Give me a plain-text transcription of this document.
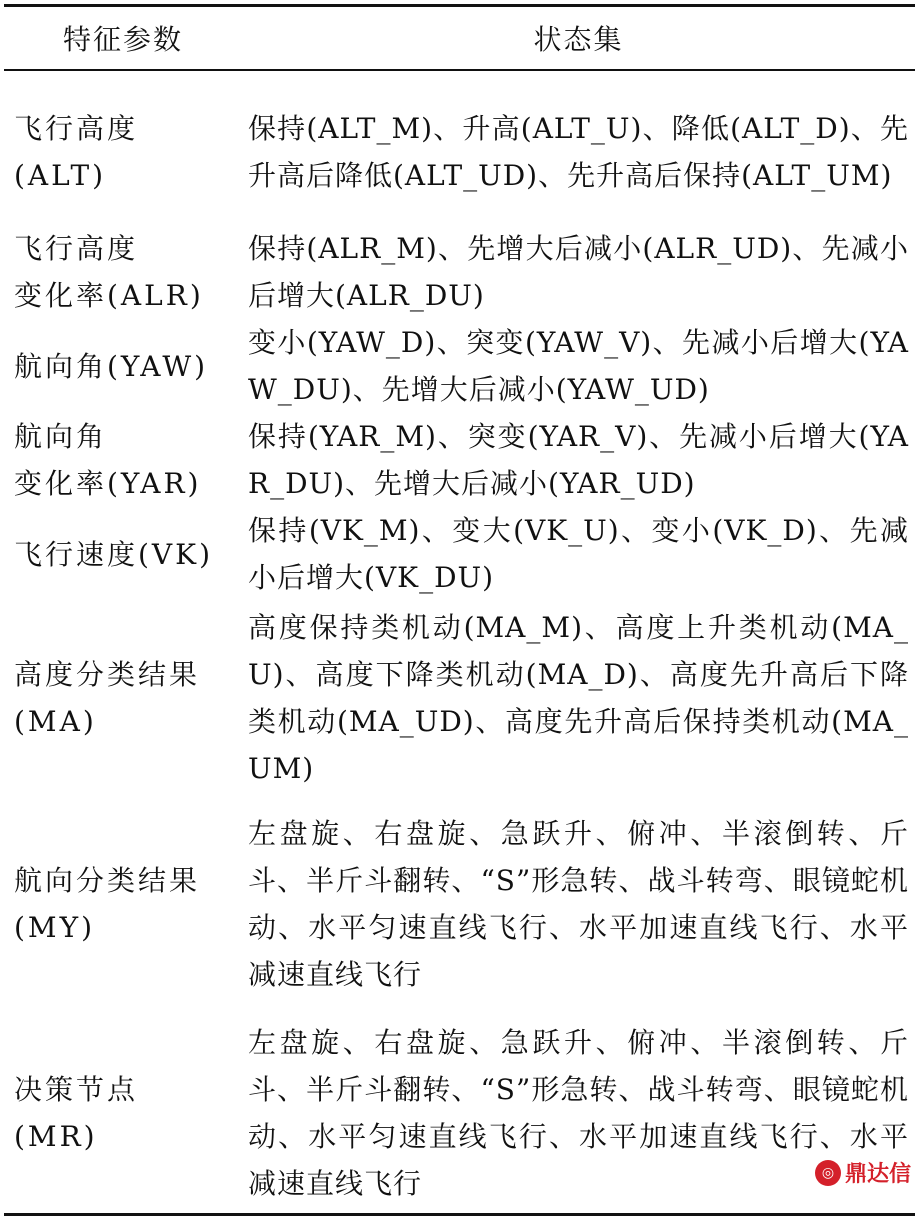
特征参数	状态集
飞行高度
(ALT)	保持(ALT_M)、升高(ALT_U)、降低(ALT_D)、先升高后降低(ALT_UD)、先升高后保持(ALT_UM)
飞行高度
变化率(ALR)	保持(ALR_M)、先增大后减小(ALR_UD)、先减小后增大(ALR_DU)
航向角(YAW)	变小(YAW_D)、突变(YAW_V)、先减小后增大(YAW_DU)、先增大后减小(YAW_UD)
航向角
变化率(YAR)	保持(YAR_M)、突变(YAR_V)、先减小后增大(YAR_DU)、先增大后减小(YAR_UD)
飞行速度(VK)	保持(VK_M)、变大(VK_U)、变小(VK_D)、先减小后增大(VK_DU)
高度分类结果
(MA)	高度保持类机动(MA_M)、高度上升类机动(MA_U)、高度下降类机动(MA_D)、高度先升高后下降类机动(MA_UD)、高度先升高后保持类机动(MA_UM)
航向分类结果
(MY)	左盘旋、右盘旋、急跃升、俯冲、半滚倒转、斤斗、半斤斗翻转、“S”形急转、战斗转弯、眼镜蛇机动、水平匀速直线飞行、水平加速直线飞行、水平减速直线飞行
决策节点
(MR)	左盘旋、右盘旋、急跃升、俯冲、半滚倒转、斤斗、半斤斗翻转、“S”形急转、战斗转弯、眼镜蛇机动、水平匀速直线飞行、水平加速直线飞行、水平减速直线飞行	◎ 鼎达信
